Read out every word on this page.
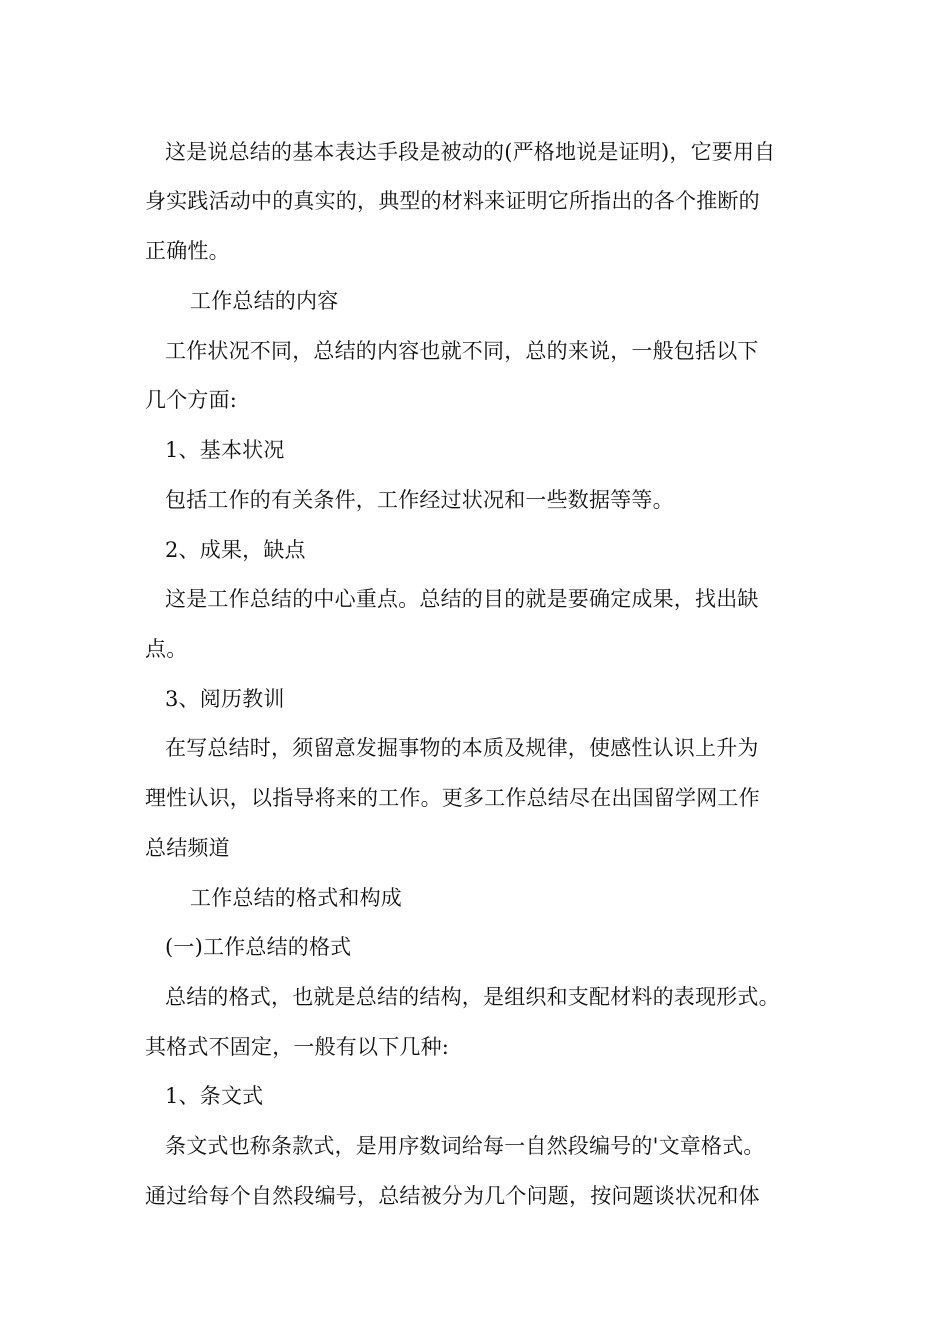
这是说总结的基本表达手段是被动的(严格地说是证明)，它要用自
身实践活动中的真实的，典型的材料来证明它所指出的各个推断的
正确性。
工作总结的内容
工作状况不同，总结的内容也就不同，总的来说，一般包括以下
几个方面:
1、基本状况
包括工作的有关条件，工作经过状况和一些数据等等。
2、成果，缺点
这是工作总结的中心重点。总结的目的就是要确定成果，找出缺
点。
3、阅历教训
在写总结时，须留意发掘事物的本质及规律，使感性认识上升为
理性认识，以指导将来的工作。更多工作总结尽在出国留学网工作
总结频道
工作总结的格式和构成
(一)工作总结的格式
总结的格式，也就是总结的结构，是组织和支配材料的表现形式。
其格式不固定，一般有以下几种:
1、条文式
条文式也称条款式，是用序数词给每一自然段编号的'文章格式。
通过给每个自然段编号，总结被分为几个问题，按问题谈状况和体
